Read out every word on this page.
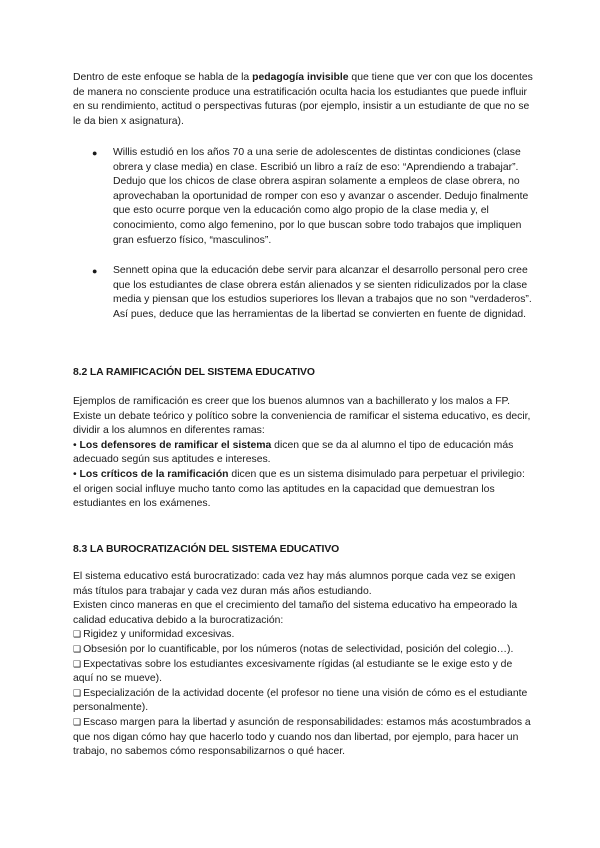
Dentro de este enfoque se habla de la pedagogía invisible que tiene que ver con que los docentes de manera no consciente produce una estratificación oculta hacia los estudiantes que puede influir en su rendimiento, actitud o perspectivas futuras (por ejemplo, insistir a un estudiante de que no se le da bien x asignatura).

● Willis estudió en los años 70 a una serie de adolescentes de distintas condiciones (clase obrera y clase media) en clase. Escribió un libro a raíz de eso: “Aprendiendo a trabajar”. Dedujo que los chicos de clase obrera aspiran solamente a empleos de clase obrera, no aprovechaban la oportunidad de romper con eso y avanzar o ascender. Dedujo finalmente que esto ocurre porque ven la educación como algo propio de la clase media y, el conocimiento, como algo femenino, por lo que buscan sobre todo trabajos que impliquen gran esfuerzo físico, “masculinos”.
● Sennett opina que la educación debe servir para alcanzar el desarrollo personal pero cree que los estudiantes de clase obrera están alienados y se sienten ridiculizados por la clase media y piensan que los estudios superiores los llevan a trabajos que no son “verdaderos”. Así pues, deduce que las herramientas de la libertad se convierten en fuente de dignidad.
8.2 LA RAMIFICACIÓN DEL SISTEMA EDUCATIVO

Ejemplos de ramificación es creer que los buenos alumnos van a bachillerato y los malos a FP. Existe un debate teórico y político sobre la conveniencia de ramificar el sistema educativo, es decir, dividir a los alumnos en diferentes ramas:

• Los defensores de ramificar el sistema dicen que se da al alumno el tipo de educación más adecuado según sus aptitudes e intereses.

• Los críticos de la ramificación dicen que es un sistema disimulado para perpetuar el privilegio: el origen social influye mucho tanto como las aptitudes en la capacidad que demuestran los estudiantes en los exámenes.

8.3 LA BUROCRATIZACIÓN DEL SISTEMA EDUCATIVO

El sistema educativo está burocratizado: cada vez hay más alumnos porque cada vez se exigen más títulos para trabajar y cada vez duran más años estudiando.

Existen cinco maneras en que el crecimiento del tamaño del sistema educativo ha empeorado la calidad educativa debido a la burocratización:

❑ Rigidez y uniformidad excesivas.

❑ Obsesión por lo cuantificable, por los números (notas de selectividad, posición del colegio…).

❑ Expectativas sobre los estudiantes excesivamente rígidas (al estudiante se le exige esto y de aquí no se mueve).

❑ Especialización de la actividad docente (el profesor no tiene una visión de cómo es el estudiante personalmente).

❑ Escaso margen para la libertad y asunción de responsabilidades: estamos más acostumbrados a que nos digan cómo hay que hacerlo todo y cuando nos dan libertad, por ejemplo, para hacer un trabajo, no sabemos cómo responsabilizarnos o qué hacer.
